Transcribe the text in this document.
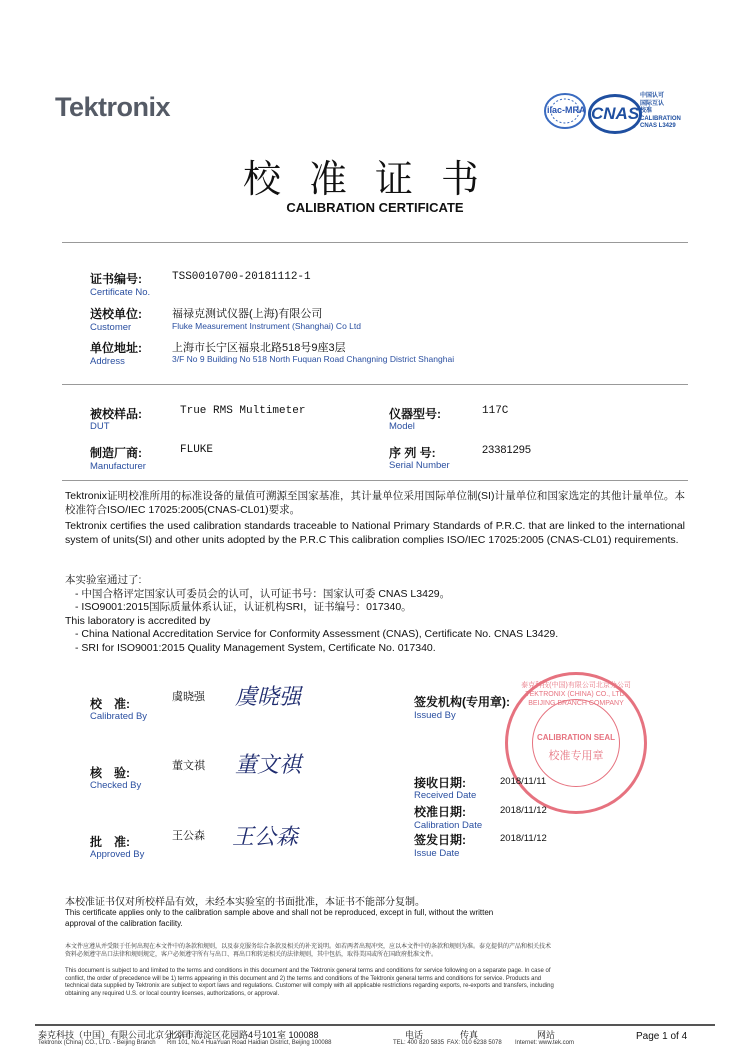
Tektronix	ilac-MRA CNAS
中国认可
国际互认
校准
CALIBRATION
CNAS L3429
校准证书
CALIBRATION CERTIFICATE
证书编号:
Certificate No.
TSS0010700-20181112-1
送校单位:
Customer
福禄克测试仪器(上海)有限公司
Fluke Measurement Instrument (Shanghai) Co Ltd
单位地址:
Address
上海市长宁区福泉北路518号9座3层
3/F No 9 Building No 518 North Fuquan Road Changning District Shanghai
被校样品:
DUT
True RMS Multimeter	仪器型号:
Model
117C
制造厂商:
Manufacturer
FLUKE	序 列 号:
Serial Number
23381295
Tektronix证明校准所用的标准设备的量值可溯源至国家基准，其计量单位采用国际单位制(SI)计量单位和国家选定的其他计量单位。本校准符合ISO/IEC 17025:2005(CNAS-CL01)要求。
Tektronix certifies the used calibration standards traceable to National Primary Standards of P.R.C. that are linked to the international system of units(SI) and other units adopted by the P.R.C This calibration complies ISO/IEC 17025:2005 (CNAS-CL01) requirements.
本实验室通过了:
- 中国合格评定国家认可委员会的认可，认可证书号：国家认可委 CNAS L3429。
- ISO9001:2015国际质量体系认证，认证机构SRI，证书编号：017340。
This laboratory is accredited by
- China National Accreditation Service for Conformity Assessment (CNAS), Certificate No. CNAS L3429.
- SRI for ISO9001:2015 Quality Management System, Certificate No. 017340.
校　准:
Calibrated By
虞晓强 虞晓强
核　验:
Checked By
董文祺 董文祺
批　准:
Approved By
王公森 王公森
签发机构(专用章):
Issued By
泰克科技(中国)有限公司北京分公司 TEKTRONIX (CHINA) CO., LTD. BEIJING BRANCH COMPANY
CALIBRATION SEAL
校准专用章
接收日期:
Received Date
2018/11/11
校准日期:
Calibration Date
2018/11/12
签发日期:
Issue Date
2018/11/12
本校准证书仅对所校样品有效，未经本实验室的书面批准，本证书不能部分复制。
This certificate applies only to the calibration sample above and shall not be reproduced, except in full, without the written approval of the calibration facility.
本文件应遵从并受限于任何出现在本文件中的条款和规则，以及泰克服务综合条款及相关的补充说明。如若两者出现冲突，应以本文件中的条款和规则为准。泰克提供的产品和相关技术资料必须遵守出口法律和规则规定，客户必须遵守所有与出口、再出口和转运相关的法律规则，其中包括，取得美国或所在国政府批准文件。
This document is subject to and limited to the terms and conditions in this document and the Tektronix general terms and conditions for service following on a separate page. In case of conflict, the order of precedence will be 1) terms appearing in this document and 2) the terms and conditions of the Tektronix general terms and conditions for service. Products and technical data supplied by Tektronix are subject to export laws and regulations. Customer will comply with all applicable restrictions regarding exports, re-exports and transfers, including obtaining any required U.S. or local country licenses, authorizations, or approval.
泰克科技（中国）有限公司北京分公司
Tektronix (China) CO., LTD. - Beijing Branch
北京市海淀区花园路4号101室 100088
Rm 101, No.4 HuaYuan Road Haidian District, Beijing 100088
电话
TEL: 400 820 5835
传真
FAX: 010 6238 5078
网站
Internet: www.tek.com
Page 1 of 4
